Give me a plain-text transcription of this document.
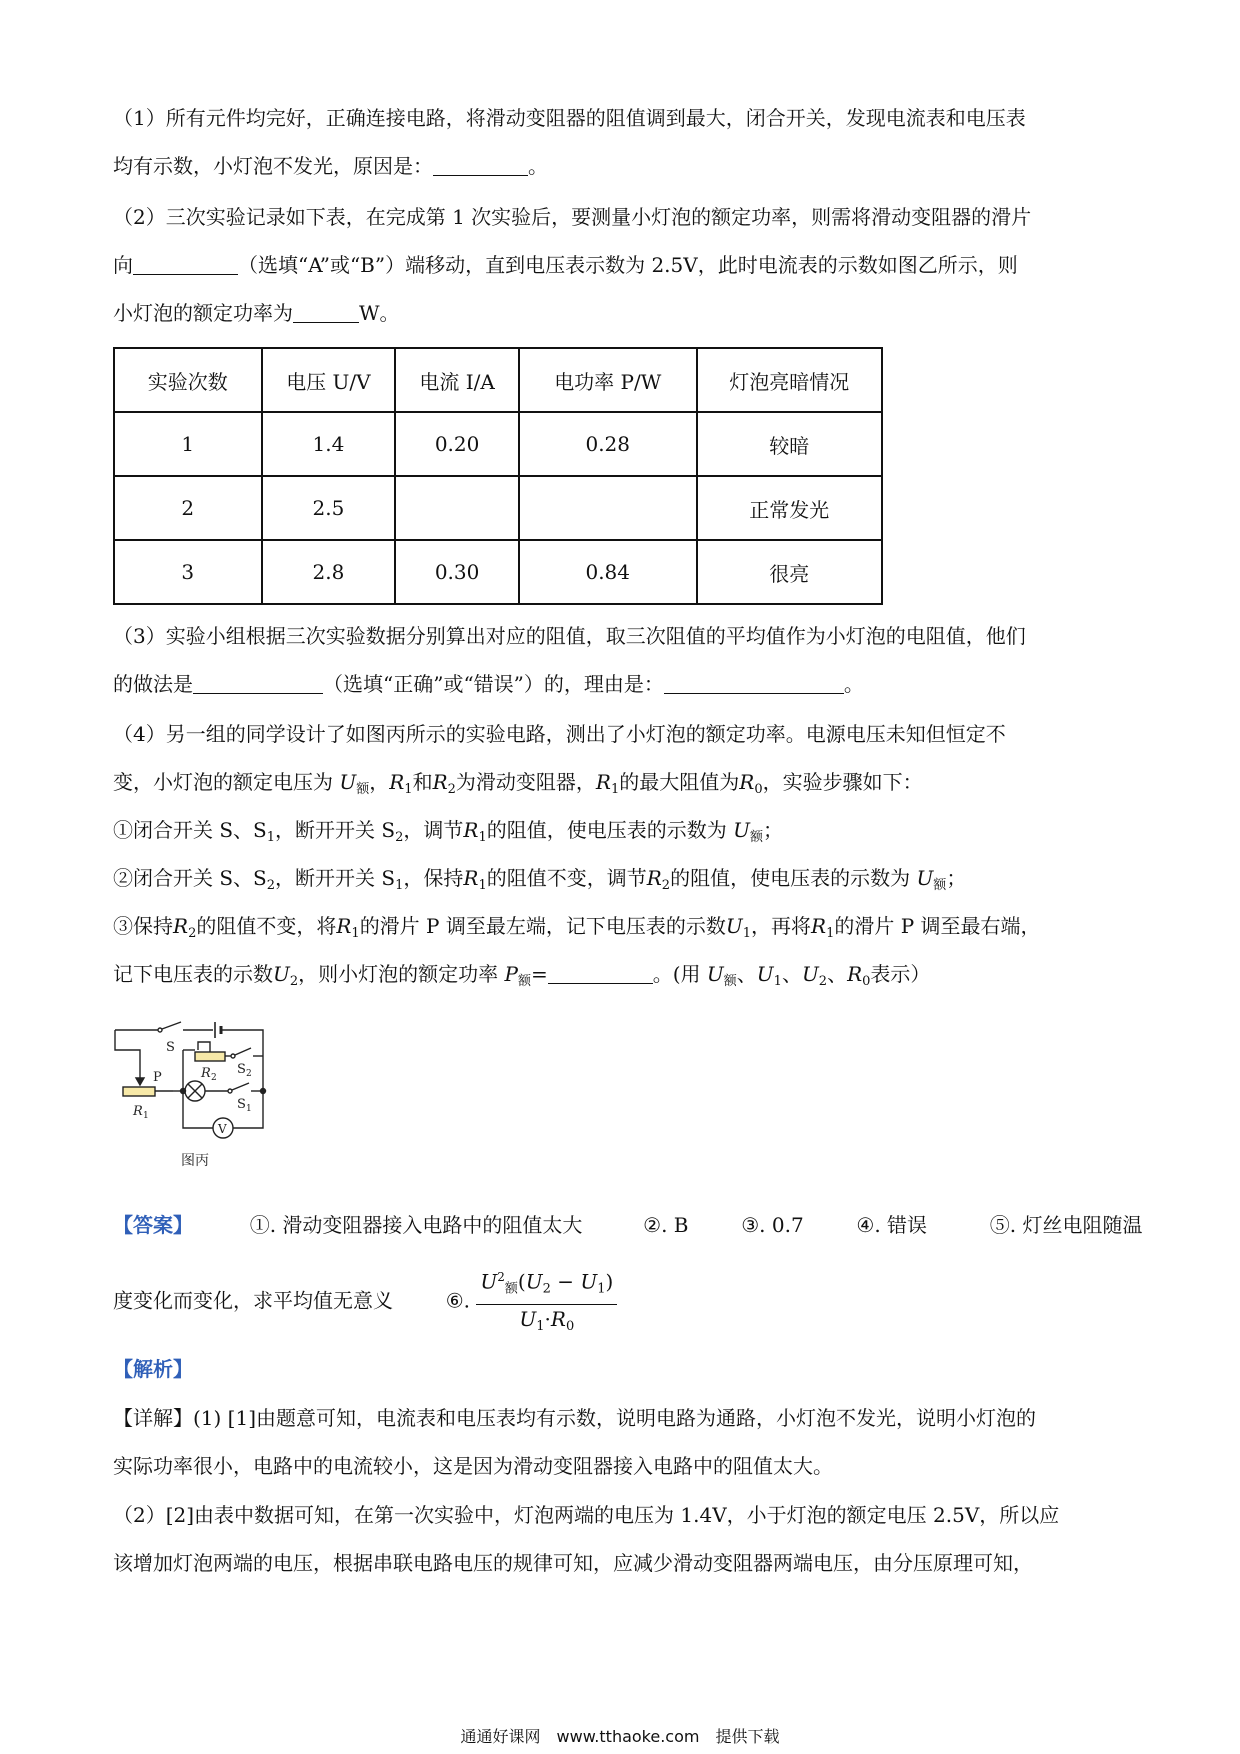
（1）所有元件均完好，正确连接电路，将滑动变阻器的阻值调到最大，闭合开关，发现电流表和电压表
均有示数，小灯泡不发光，原因是：	。
（2）三次实验记录如下表，在完成第 1 次实验后，要测量小灯泡的额定功率，则需将滑动变阻器的滑片
向	（选填“A”或“B”）端移动，直到电压表示数为 2.5V，此时电流表的示数如图乙所示，则
小灯泡的额定功率为	W。
实验次数	电压 U/V	电流 I/A	电功率 P/W	灯泡亮暗情况
1	1.4	0.20	0.28	较暗
2	2.5			正常发光
3	2.8	0.30	0.84	很亮
（3）实验小组根据三次实验数据分别算出对应的阻值，取三次阻值的平均值作为小灯泡的电阻值，他们
的做法是	（选填“正确”或“错误”）的，理由是：	。
（4）另一组的同学设计了如图丙所示的实验电路，测出了小灯泡的额定功率。电源电压未知但恒定不
变，小灯泡的额定电压为 $U_额$，$R_1$和$R_2$为滑动变阻器，$R_1$的最大阻值为$R_0$，实验步骤如下：
①闭合开关 S、$S_1$，断开开关 $S_2$，调节$R_1$的阻值，使电压表的示数为 $U_额$；
②闭合开关 S、$S_2$，断开开关 $S_1$，保持$R_1$的阻值不变，调节$R_2$的阻值，使电压表的示数为 $U_额$；
③保持$R_2$的阻值不变，将$R_1$的滑片 P 调至最左端，记下电压表的示数$U_1$，再将$R_1$的滑片 P 调至最右端，
记下电压表的示数$U_2$，则小灯泡的额定功率 $P_额=$	。(用 $U_额$、$U_1$、$U_2$、$R_0$表示）
P
R 1
S 1
R 2
S 2
V
S
图丙
【答案】	①. 滑动变阻器接入电路中的阻值太大	②. B	③. 0.7	④. 错误	⑤. 灯丝电阻随温
度变化而变化，求平均值无意义	⑥. $\frac{U^2_额(U_2 - U_1)}{U_1\cdot R_0}$
【解析】
【详解】(1) [1]由题意可知，电流表和电压表均有示数，说明电路为通路，小灯泡不发光，说明小灯泡的
实际功率很小，电路中的电流较小，这是因为滑动变阻器接入电路中的阻值太大。
（2）[2]由表中数据可知，在第一次实验中，灯泡两端的电压为 1.4V，小于灯泡的额定电压 2.5V，所以应
该增加灯泡两端的电压，根据串联电路电压的规律可知，应减少滑动变阻器两端电压，由分压原理可知，
通通好课网　www.tthaoke.com　提供下载
